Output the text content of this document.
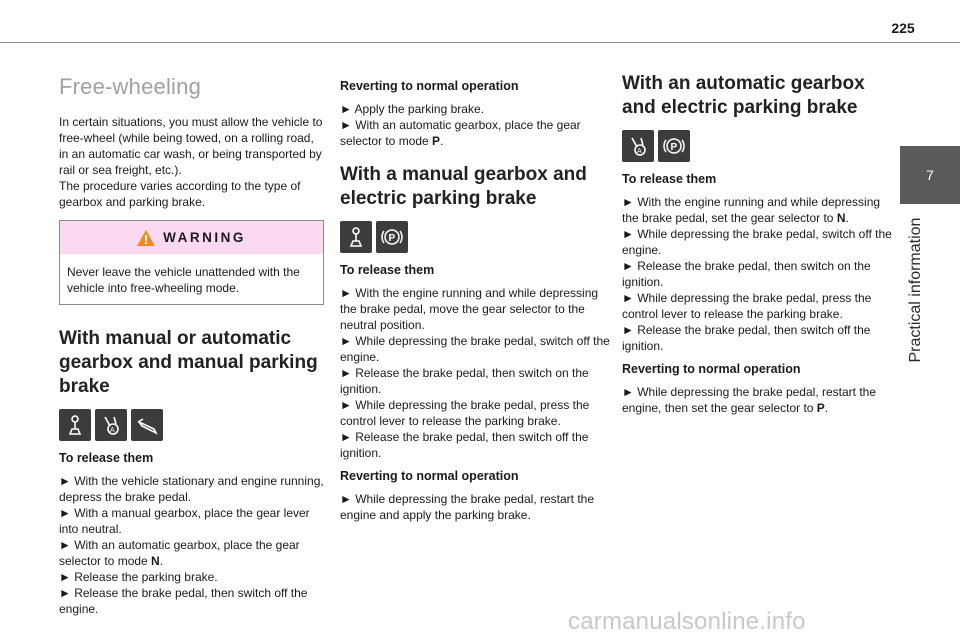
225
7
Practical information
Free-wheeling

In certain situations, you must allow the vehicle to free-wheel (while being towed, on a rolling road, in an automatic car wash, or being transported by rail or sea freight, etc.).

The procedure varies according to the type of gearbox and parking brake.

WARNING
Never leave the vehicle unattended with the vehicle into free-wheeling mode.
With manual or automatic gearbox and manual parking brake
A
To release them
► With the vehicle stationary and engine running, depress the brake pedal.
► With a manual gearbox, place the gear lever into neutral.
► With an automatic gearbox, place the gear selector to mode N.
► Release the parking brake.
► Release the brake pedal, then switch off the engine.
Reverting to normal operation
► Apply the parking brake.
► With an automatic gearbox, place the gear selector to mode P.
With a manual gearbox and electric parking brake
P
To release them
► With the engine running and while depressing the brake pedal, move the gear selector to the neutral position.
► While depressing the brake pedal, switch off the engine.
► Release the brake pedal, then switch on the ignition.
► While depressing the brake pedal, press the control lever to release the parking brake.
► Release the brake pedal, then switch off the ignition.
Reverting to normal operation
► While depressing the brake pedal, restart the engine and apply the parking brake.
With an automatic gearbox and electric parking brake
A	P
To release them
► With the engine running and while depressing the brake pedal, set the gear selector to N.
► While depressing the brake pedal, switch off the engine.
► Release the brake pedal, then switch on the ignition.
► While depressing the brake pedal, press the control lever to release the parking brake.
► Release the brake pedal, then switch off the ignition.
Reverting to normal operation
► While depressing the brake pedal, restart the engine, then set the gear selector to P.
carmanualsonline.info
